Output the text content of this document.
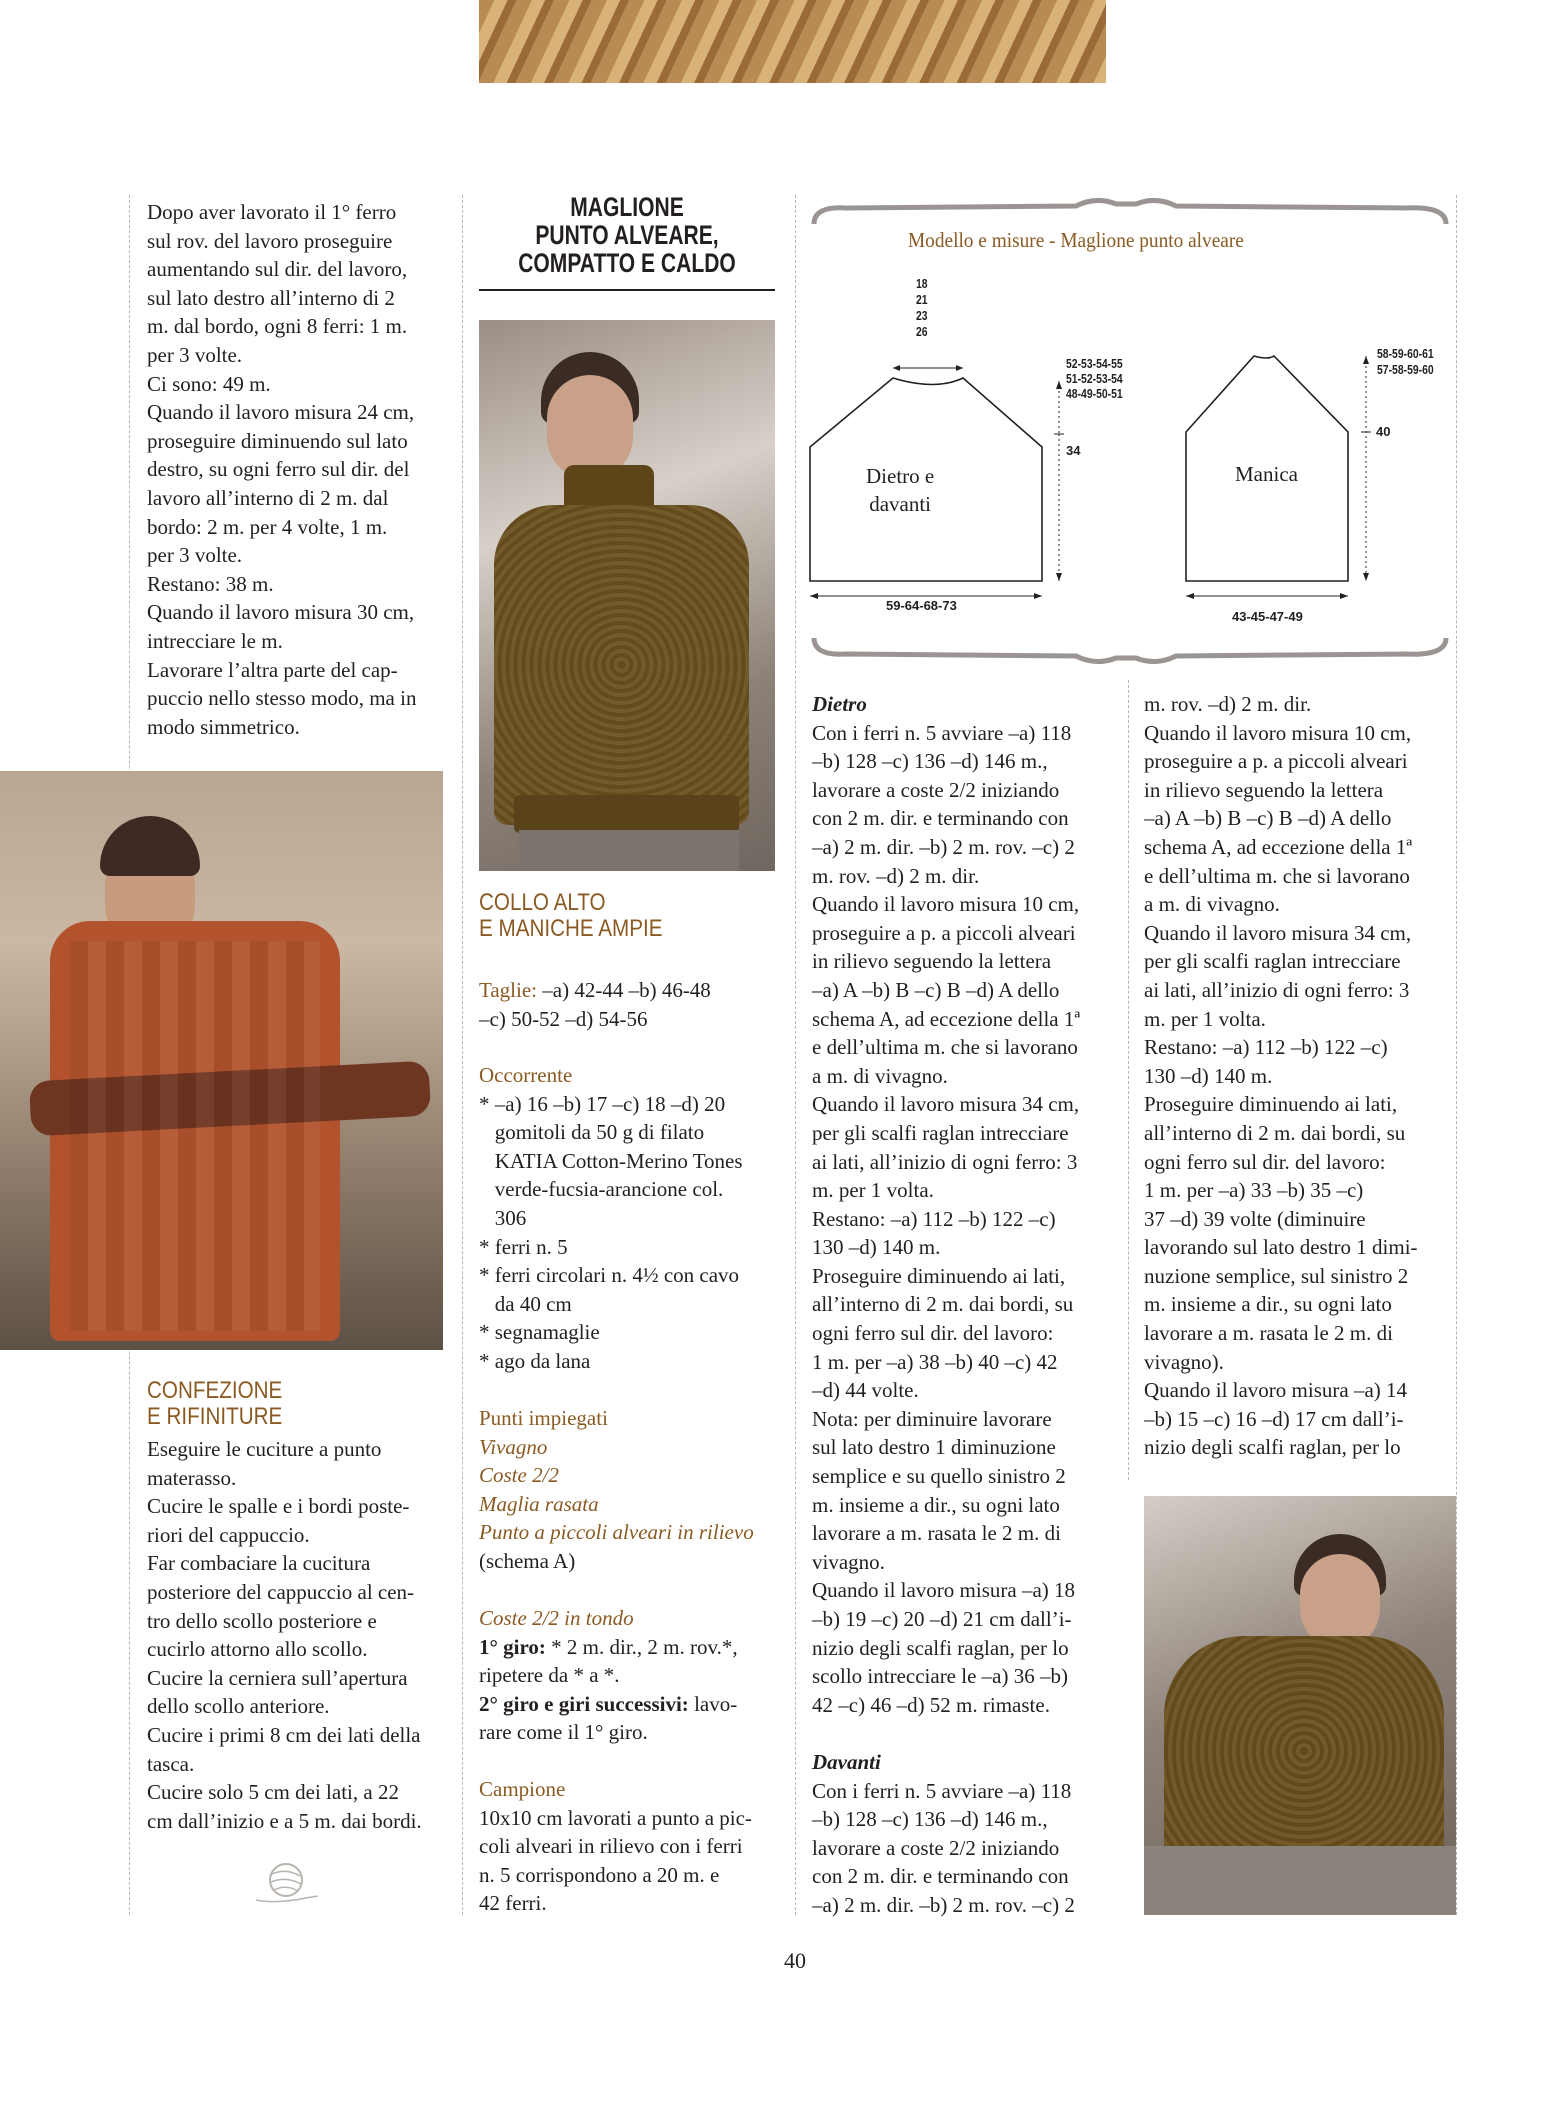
Dopo aver lavorato il 1° ferro
sul rov. del lavoro proseguire
aumentando sul dir. del lavoro,
sul lato destro all’interno di 2
m. dal bordo, ogni 8 ferri: 1 m.
per 3 volte.
Ci sono: 49 m.
Quando il lavoro misura 24 cm,
proseguire diminuendo sul lato
destro, su ogni ferro sul dir. del
lavoro all’interno di 2 m. dal
bordo: 2 m. per 4 volte, 1 m.
per 3 volte.
Restano: 38 m.
Quando il lavoro misura 30 cm,
intrecciare le m.
Lavorare l’altra parte del cap-
puccio nello stesso modo, ma in
modo simmetrico.
CONFEZIONE
E RIFINITURE
Eseguire le cuciture a punto
materasso.
Cucire le spalle e i bordi poste-
riori del cappuccio.
Far combaciare la cucitura
posteriore del cappuccio al cen-
tro dello scollo posteriore e
cucirlo attorno allo scollo.
Cucire la cerniera sull’apertura
dello scollo anteriore.
Cucire i primi 8 cm dei lati della
tasca.
Cucire solo 5 cm dei lati, a 22
cm dall’inizio e a 5 m. dai bordi.
MAGLIONE
PUNTO ALVEARE,
COMPATTO E CALDO
COLLO ALTO
E MANICHE AMPIE
Taglie: –a) 42-44 –b) 46-48
–c) 50-52 –d) 54-56
Occorrente
* –a) 16 –b) 17 –c) 18 –d) 20
gomitoli da 50 g di filato
KATIA Cotton-Merino Tones
verde-fucsia-arancione col.
306
* ferri n. 5
* ferri circolari n. 4½ con cavo
da 40 cm
* segnamaglie
* ago da lana
Punti impiegati
Vivagno
Coste 2/2
Maglia rasata
Punto a piccoli alveari in rilievo
(schema A)
Coste 2/2 in tondo
1° giro: * 2 m. dir., 2 m. rov.*,
ripetere da * a *.
2° giro e giri successivi: lavo-
rare come il 1° giro.
Campione
10x10 cm lavorati a punto a pic-
coli alveari in rilievo con i ferri
n. 5 corrispondono a 20 m. e
42 ferri.
Modello e misure - Maglione punto alveare
18
21
23
26
52-53-54-55
51-52-53-54
48-49-50-51
34
59-64-68-73
Dietro e
davanti
Manica
58-59-60-61
57-58-59-60
40
43-45-47-49
Dietro
Con i ferri n. 5 avviare –a) 118
–b) 128 –c) 136 –d) 146 m.,
lavorare a coste 2/2 iniziando
con 2 m. dir. e terminando con
–a) 2 m. dir. –b) 2 m. rov. –c) 2
m. rov. –d) 2 m. dir.
Quando il lavoro misura 10 cm,
proseguire a p. a piccoli alveari
in rilievo seguendo la lettera
–a) A –b) B –c) B –d) A dello
schema A, ad eccezione della 1ª
e dell’ultima m. che si lavorano
a m. di vivagno.
Quando il lavoro misura 34 cm,
per gli scalfi raglan intrecciare
ai lati, all’inizio di ogni ferro: 3
m. per 1 volta.
Restano: –a) 112 –b) 122 –c)
130 –d) 140 m.
Proseguire diminuendo ai lati,
all’interno di 2 m. dai bordi, su
ogni ferro sul dir. del lavoro:
1 m. per –a) 38 –b) 40 –c) 42
–d) 44 volte.
Nota: per diminuire lavorare
sul lato destro 1 diminuzione
semplice e su quello sinistro 2
m. insieme a dir., su ogni lato
lavorare a m. rasata le 2 m. di
vivagno.
Quando il lavoro misura –a) 18
–b) 19 –c) 20 –d) 21 cm dall’i-
nizio degli scalfi raglan, per lo
scollo intrecciare le –a) 36 –b)
42 –c) 46 –d) 52 m. rimaste.
Davanti
Con i ferri n. 5 avviare –a) 118
–b) 128 –c) 136 –d) 146 m.,
lavorare a coste 2/2 iniziando
con 2 m. dir. e terminando con
–a) 2 m. dir. –b) 2 m. rov. –c) 2
m. rov. –d) 2 m. dir.
Quando il lavoro misura 10 cm,
proseguire a p. a piccoli alveari
in rilievo seguendo la lettera
–a) A –b) B –c) B –d) A dello
schema A, ad eccezione della 1ª
e dell’ultima m. che si lavorano
a m. di vivagno.
Quando il lavoro misura 34 cm,
per gli scalfi raglan intrecciare
ai lati, all’inizio di ogni ferro: 3
m. per 1 volta.
Restano: –a) 112 –b) 122 –c)
130 –d) 140 m.
Proseguire diminuendo ai lati,
all’interno di 2 m. dai bordi, su
ogni ferro sul dir. del lavoro:
1 m. per –a) 33 –b) 35 –c)
37 –d) 39 volte (diminuire
lavorando sul lato destro 1 dimi-
nuzione semplice, sul sinistro 2
m. insieme a dir., su ogni lato
lavorare a m. rasata le 2 m. di
vivagno).
Quando il lavoro misura –a) 14
–b) 15 –c) 16 –d) 17 cm dall’i-
nizio degli scalfi raglan, per lo
40
